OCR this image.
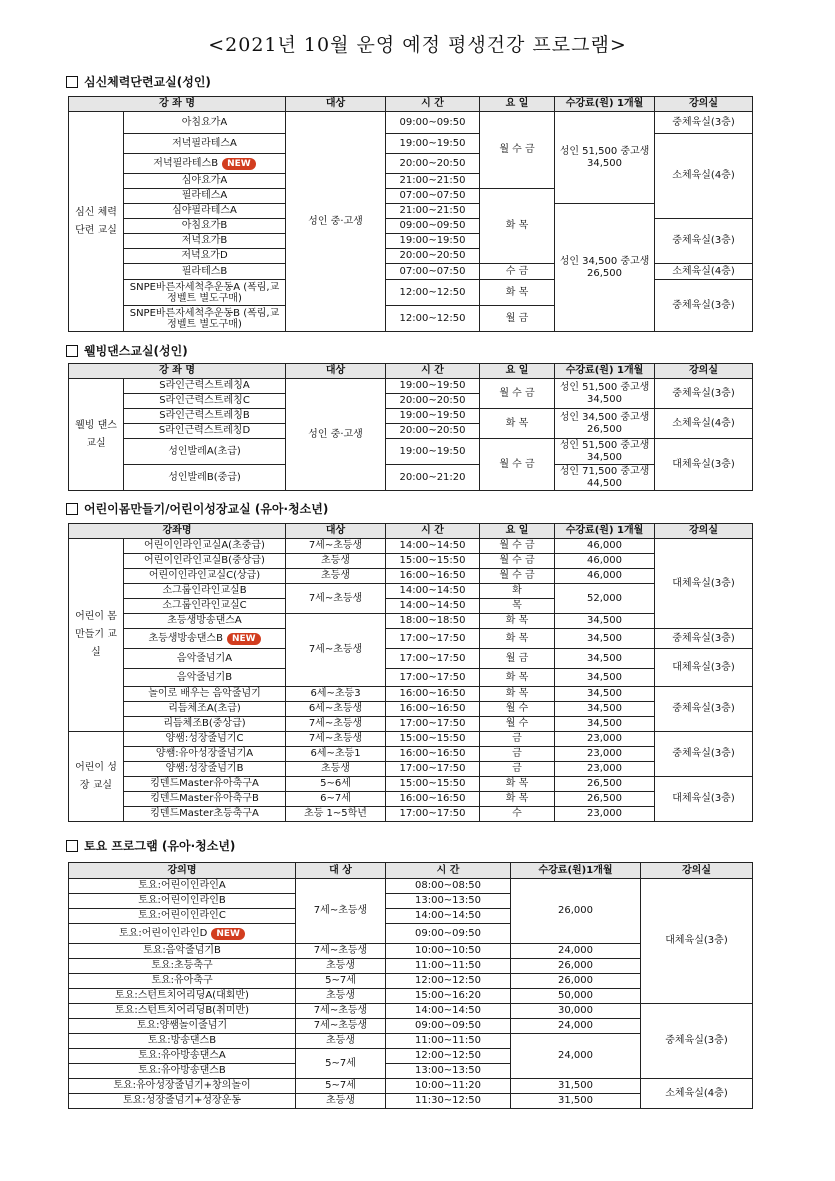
<2021년 10월 운영 예정 평생건강 프로그램>
심신체력단련교실(성인)
강 좌 명		대상	시 간	요 일	수강료(원) 1개월	강의실
심신 체력 단련 교실	아침요가A	성인 중·고생	09:00~09:50	월 수 금	성인 51,500 중고생 34,500	중체육실(3층)
	저녁필라테스A		19:00~19:50			소체육실(4층)
	저녁필라테스B NEW		20:00~20:50			
	심야요가A		21:00~21:50			
	필라테스A		07:00~07:50	화 목		
	심야필라테스A		21:00~21:50		성인 34,500 중고생 26,500	
	아침요가B		09:00~09:50			중체육실(3층)
	저녁요가B		19:00~19:50			
	저녁요가D		20:00~20:50			
	필라테스B		07:00~07:50	수 금		소체육실(4층)
	SNPE바른자세척추운동A (폭림,교정벨트 별도구매)		12:00~12:50	화 목		중체육실(3층)
	SNPE바른자세척추운동B (폭림,교정벨트 별도구매)		12:00~12:50	월 금		
웰빙댄스교실(성인)
강 좌 명		대상	시 간	요 일	수강료(원) 1개월	강의실
웰빙 댄스 교실	S라인근력스트레칭A	성인 중·고생	19:00~19:50	월 수 금	성인 51,500 중고생 34,500	중체육실(3층)
	S라인근력스트레칭C		20:00~20:50			
	S라인근력스트레칭B		19:00~19:50	화 목	성인 34,500 중고생 26,500	소체육실(4층)
	S라인근력스트레칭D		20:00~20:50			
	성인발레A(초급)		19:00~19:50	월 수 금	성인 51,500 중고생 34,500	대체육실(3층)
	성인발레B(중급)		20:00~21:20		성인 71,500 중고생 44,500	
어린이몸만들기/어린이성장교실 (유아·청소년)
강좌명		대상	시 간	요 일	수강료(원) 1개월	강의실
어린이 몸 만들기 교실	어린이인라인교실A(초중급)	7세~초등생	14:00~14:50	월 수 금	46,000	대체육실(3층)
	어린이인라인교실B(중상급)	초등생	15:00~15:50	월 수 금	46,000	
	어린이인라인교실C(상급)	초등생	16:00~16:50	월 수 금	46,000	
	소그룹인라인교실B	7세~초등생	14:00~14:50	화	52,000	
	소그룹인라인교실C		14:00~14:50	목		
	초등생방송댄스A	7세~초등생	18:00~18:50	화 목	34,500	
	초등생방송댄스B NEW		17:00~17:50	화 목	34,500	중체육실(3층)
	음악줄넘기A		17:00~17:50	월 금	34,500	대체육실(3층)
	음악줄넘기B		17:00~17:50	화 목	34,500	
	놀이로 배우는 음악줄넘기	6세~초등3	16:00~16:50	화 목	34,500	중체육실(3층)
	리듬체조A(초급)	6세~초등생	16:00~16:50	월 수	34,500	
	리듬체조B(중상급)	7세~초등생	17:00~17:50	월 수	34,500	
어린이 성장 교실	양쌤:성장줄넘기C	7세~초등생	15:00~15:50	금	23,000	중체육실(3층)
	양쌤:유아성장줄넘기A	6세~초등1	16:00~16:50	금	23,000	
	양쌤:성장줄넘기B	초등생	17:00~17:50	금	23,000	
	킹덴드Master유아축구A	5~6세	15:00~15:50	화 목	26,500	대체육실(3층)
	킹덴드Master유아축구B	6~7세	16:00~16:50	화 목	26,500	
	킹덴드Master초등축구A	초등 1~5학년	17:00~17:50	수	23,000	
토요 프로그램 (유아·청소년)
강의명	대 상	시 간	수강료(원)1개월	강의실
토요:어린이인라인A	7세~초등생	08:00~08:50	26,000	대체육실(3층)
토요:어린이인라인B		13:00~13:50		
토요:어린이인라인C		14:00~14:50		
토요:어린이인라인D NEW		09:00~09:50		
토요:음악줄넘기B	7세~초등생	10:00~10:50	24,000	
토요:초등축구	초등생	11:00~11:50	26,000	
토요:유아축구	5~7세	12:00~12:50	26,000	
토요:스턴트치어리딩A(대회반)	초등생	15:00~16:20	50,000	
토요:스턴트치어리딩B(취미반)	7세~초등생	14:00~14:50	30,000	중체육실(3층)
토요:양쌤놀이줄넘기	7세~초등생	09:00~09:50	24,000	
토요:방송댄스B	초등생	11:00~11:50	24,000	
토요:유아방송댄스A	5~7세	12:00~12:50		
토요:유아방송댄스B		13:00~13:50		
토요:유아성장줄넘기+창의놀이	5~7세	10:00~11:20	31,500	소체육실(4층)
토요:성장줄넘기+성장운동	초등생	11:30~12:50	31,500	
